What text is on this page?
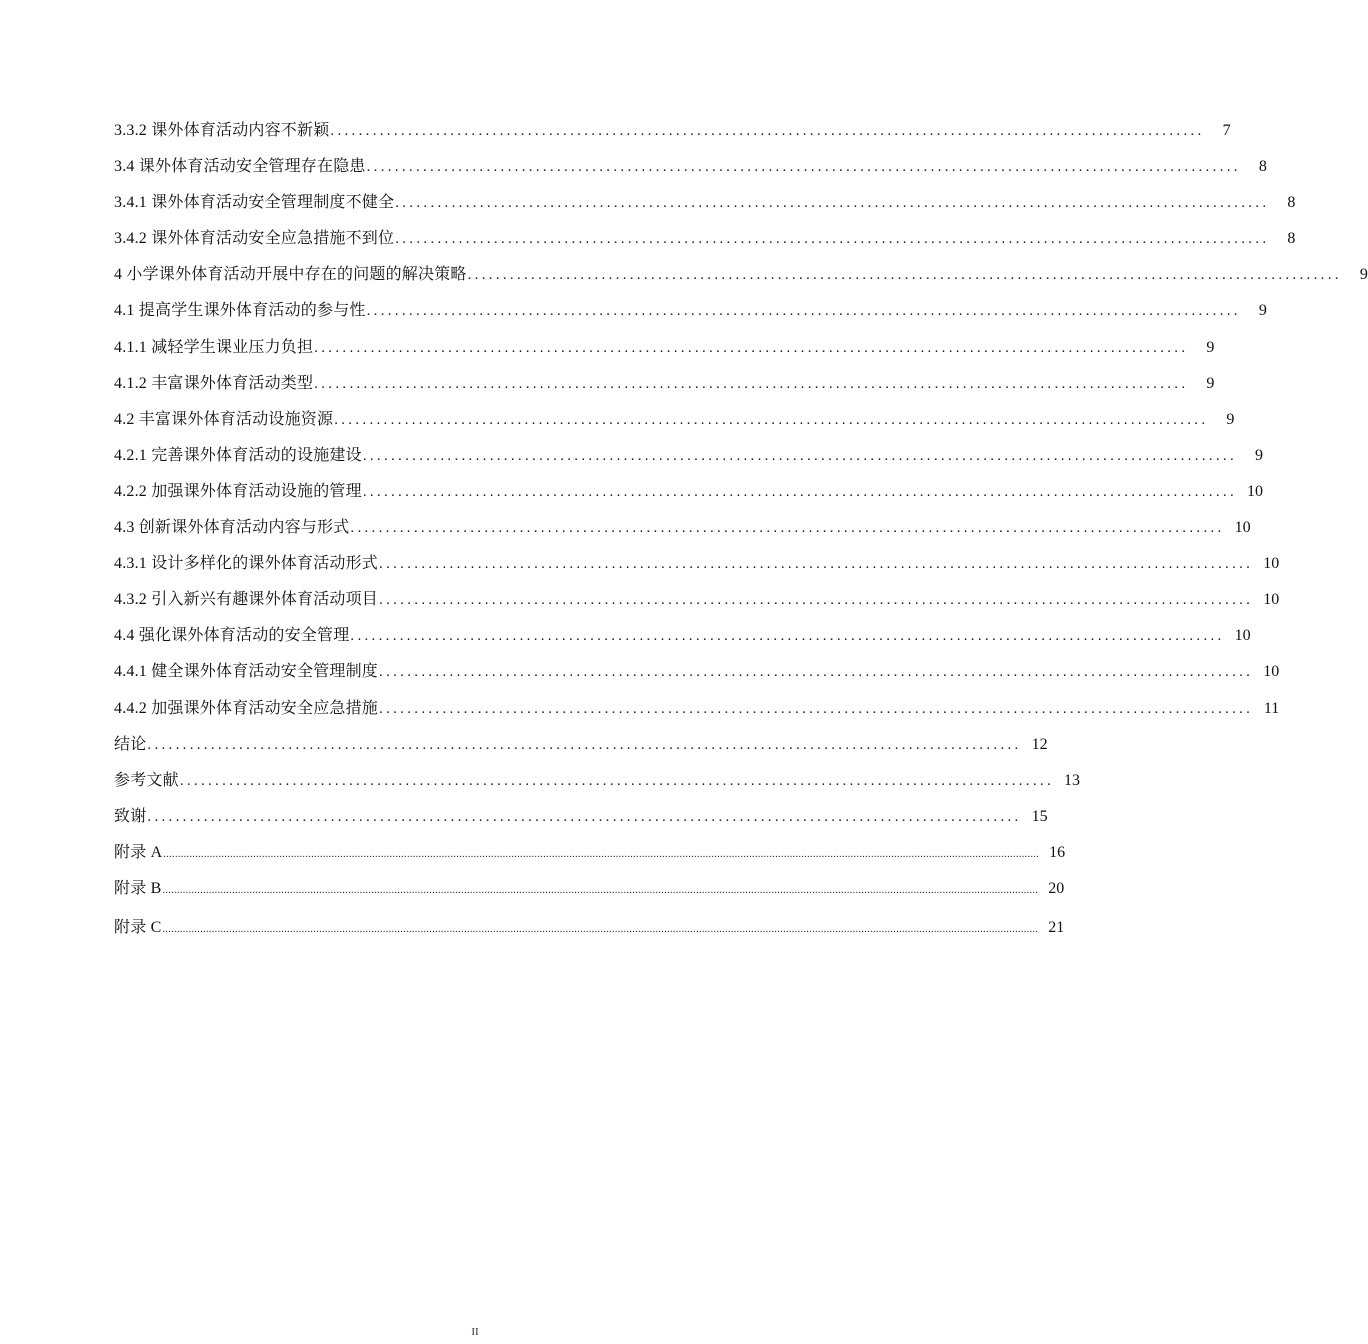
3.3.2 课外体育活动内容不新颖 ............................................................................................................................	7
3.4 课外体育活动安全管理存在隐患 ............................................................................................................................	8
3.4.1 课外体育活动安全管理制度不健全 ............................................................................................................................	8
3.4.2 课外体育活动安全应急措施不到位 ............................................................................................................................	8
4 小学课外体育活动开展中存在的问题的解决策略 ............................................................................................................................	9
4.1 提高学生课外体育活动的参与性 ............................................................................................................................	9
4.1.1 减轻学生课业压力负担 ............................................................................................................................	9
4.1.2 丰富课外体育活动类型 ............................................................................................................................	9
4.2 丰富课外体育活动设施资源 ............................................................................................................................	9
4.2.1 完善课外体育活动的设施建设 ............................................................................................................................	9
4.2.2 加强课外体育活动设施的管理 ............................................................................................................................ 10
4.3 创新课外体育活动内容与形式 ............................................................................................................................ 10
4.3.1 设计多样化的课外体育活动形式 ............................................................................................................................ 10
4.3.2 引入新兴有趣课外体育活动项目 ............................................................................................................................ 10
4.4 强化课外体育活动的安全管理 ............................................................................................................................ 10
4.4.1 健全课外体育活动安全管理制度 ............................................................................................................................ 10
4.4.2 加强课外体育活动安全应急措施 ............................................................................................................................ 11
结论 ............................................................................................................................ 12
参考文献 ............................................................................................................................ 13
致谢 ............................................................................................................................ 15
附录 A .............................................................................................................................................................................................................................................................................................................. 16
附录 B .............................................................................................................................................................................................................................................................................................................. 20
附录 C .............................................................................................................................................................................................................................................................................................................. 21
II
